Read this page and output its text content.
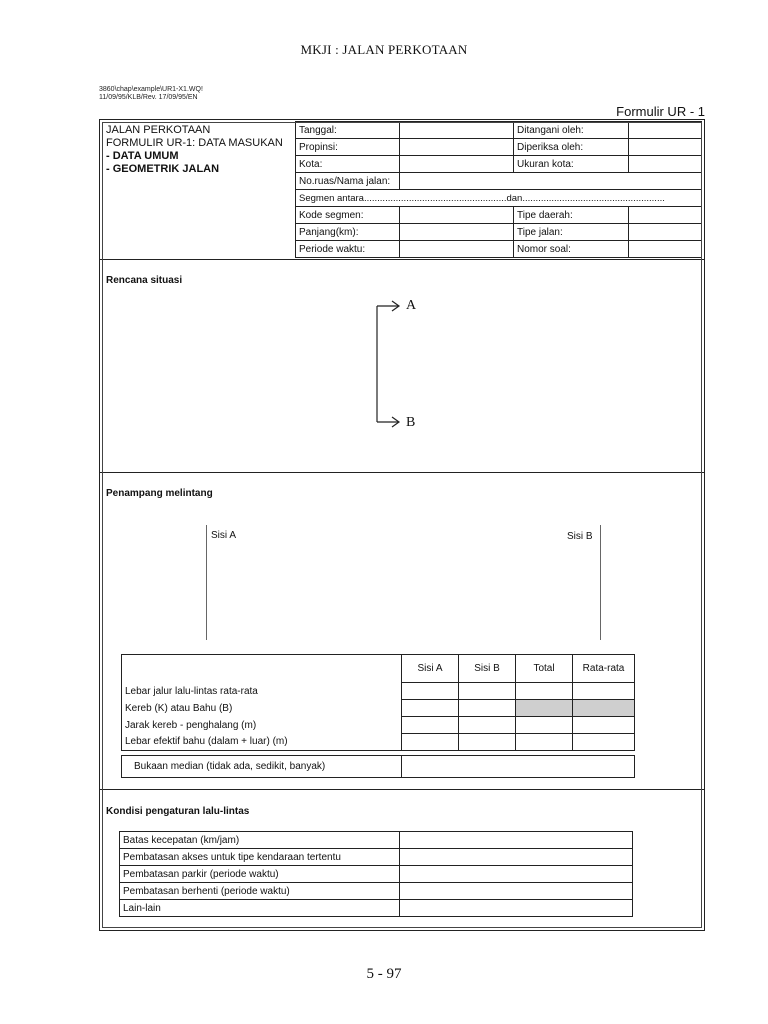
MKJI : JALAN PERKOTAAN
3860\chap\example\UR1-X1.WQ!
11/09/95/KLB/Rev. 17/09/95/EN
Formulir UR - 1
JALAN PERKOTAAN
FORMULIR UR-1: DATA MASUKAN
- DATA UMUM
- GEOMETRIK JALAN
Tanggal:		Ditangani oleh:	
Propinsi:		Diperiksa oleh:	
Kota:		Ukuran kota:	
No.ruas/Nama jalan:			
Segmen antara......................................................dan......................................................			
Kode segmen:		Tipe daerah:	
Panjang(km):		Tipe jalan:	
Periode waktu:		Nomor soal:	
Rencana situasi
A
B
Penampang melintang
Sisi A	Sisi B
	Sisi A	Sisi B	Total	Rata-rata
Lebar jalur lalu-lintas rata-rata				
Kereb (K) atau Bahu (B)				
Jarak kereb - penghalang (m)				
Lebar efektif bahu (dalam + luar) (m)				
Bukaan median (tidak ada, sedikit, banyak)	
Kondisi pengaturan lalu-lintas
Batas kecepatan (km/jam)	
Pembatasan akses untuk tipe kendaraan tertentu	
Pembatasan parkir (periode waktu)	
Pembatasan berhenti (periode waktu)	
Lain-lain	
5 - 97
